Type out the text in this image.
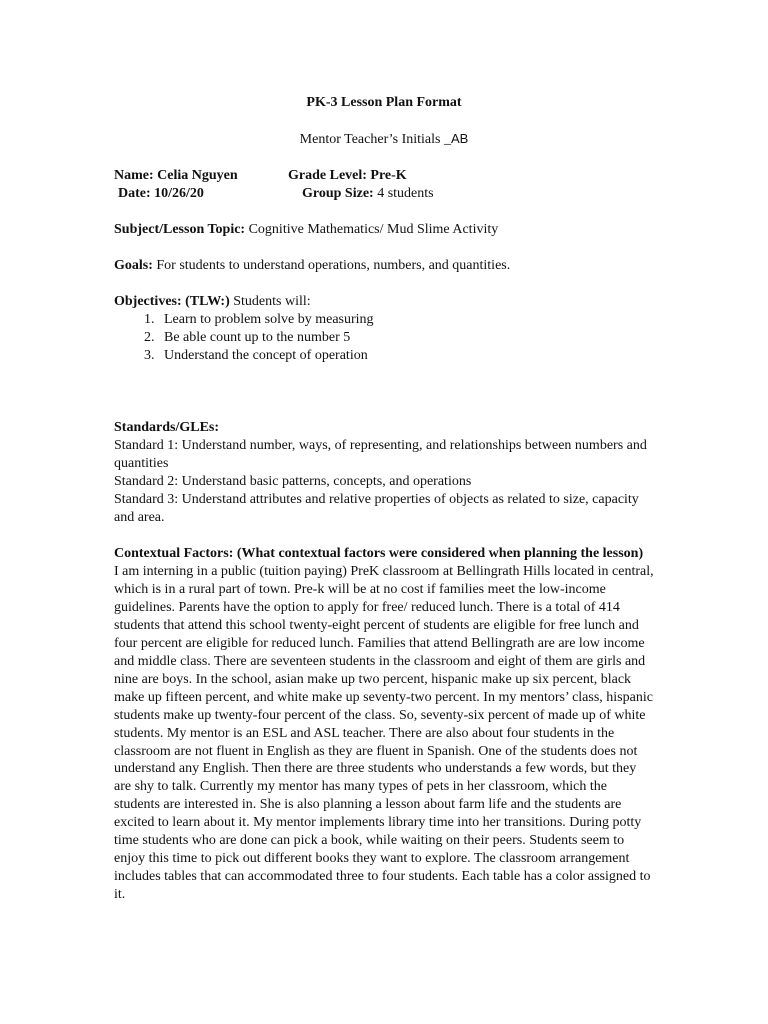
PK-3 Lesson Plan Format

Mentor Teacher’s Initials _AB
Name: Celia Nguyen	Grade Level: Pre-K
Date: 10/26/20	Group Size: 4 students

Subject/Lesson Topic: Cognitive Mathematics/ Mud Slime Activity

Goals: For students to understand operations, numbers, and quantities.

Objectives: (TLW:) Students will:

1. Learn to problem solve by measuring
2. Be able count up to the number 5
3. Understand the concept of operation

Standards/GLEs:

Standard 1: Understand number, ways, of representing, and relationships between numbers and quantities

Standard 2: Understand basic patterns, concepts, and operations

Standard 3: Understand attributes and relative properties of objects as related to size, capacity and area.

Contextual Factors: (What contextual factors were considered when planning the lesson)

I am interning in a public (tuition paying) PreK classroom at Bellingrath Hills located in central, which is in a rural part of town. Pre-k will be at no cost if families meet the low-income guidelines. Parents have the option to apply for free/ reduced lunch. There is a total of 414 students that attend this school twenty-eight percent of students are eligible for free lunch and four percent are eligible for reduced lunch. Families that attend Bellingrath are are low income and middle class. There are seventeen students in the classroom and eight of them are girls and nine are boys. In the school, asian make up two percent, hispanic make up six percent, black make up fifteen percent, and white make up seventy-two percent. In my mentors’ class, hispanic students make up twenty-four percent of the class. So, seventy-six percent of made up of white students. My mentor is an ESL and ASL teacher. There are also about four students in the classroom are not fluent in English as they are fluent in Spanish. One of the students does not understand any English. Then there are three students who understands a few words, but they are shy to talk. Currently my mentor has many types of pets in her classroom, which the students are interested in. She is also planning a lesson about farm life and the students are excited to learn about it. My mentor implements library time into her transitions. During potty time students who are done can pick a book, while waiting on their peers. Students seem to enjoy this time to pick out different books they want to explore. The classroom arrangement includes tables that can accommodated three to four students. Each table has a color assigned to it.
